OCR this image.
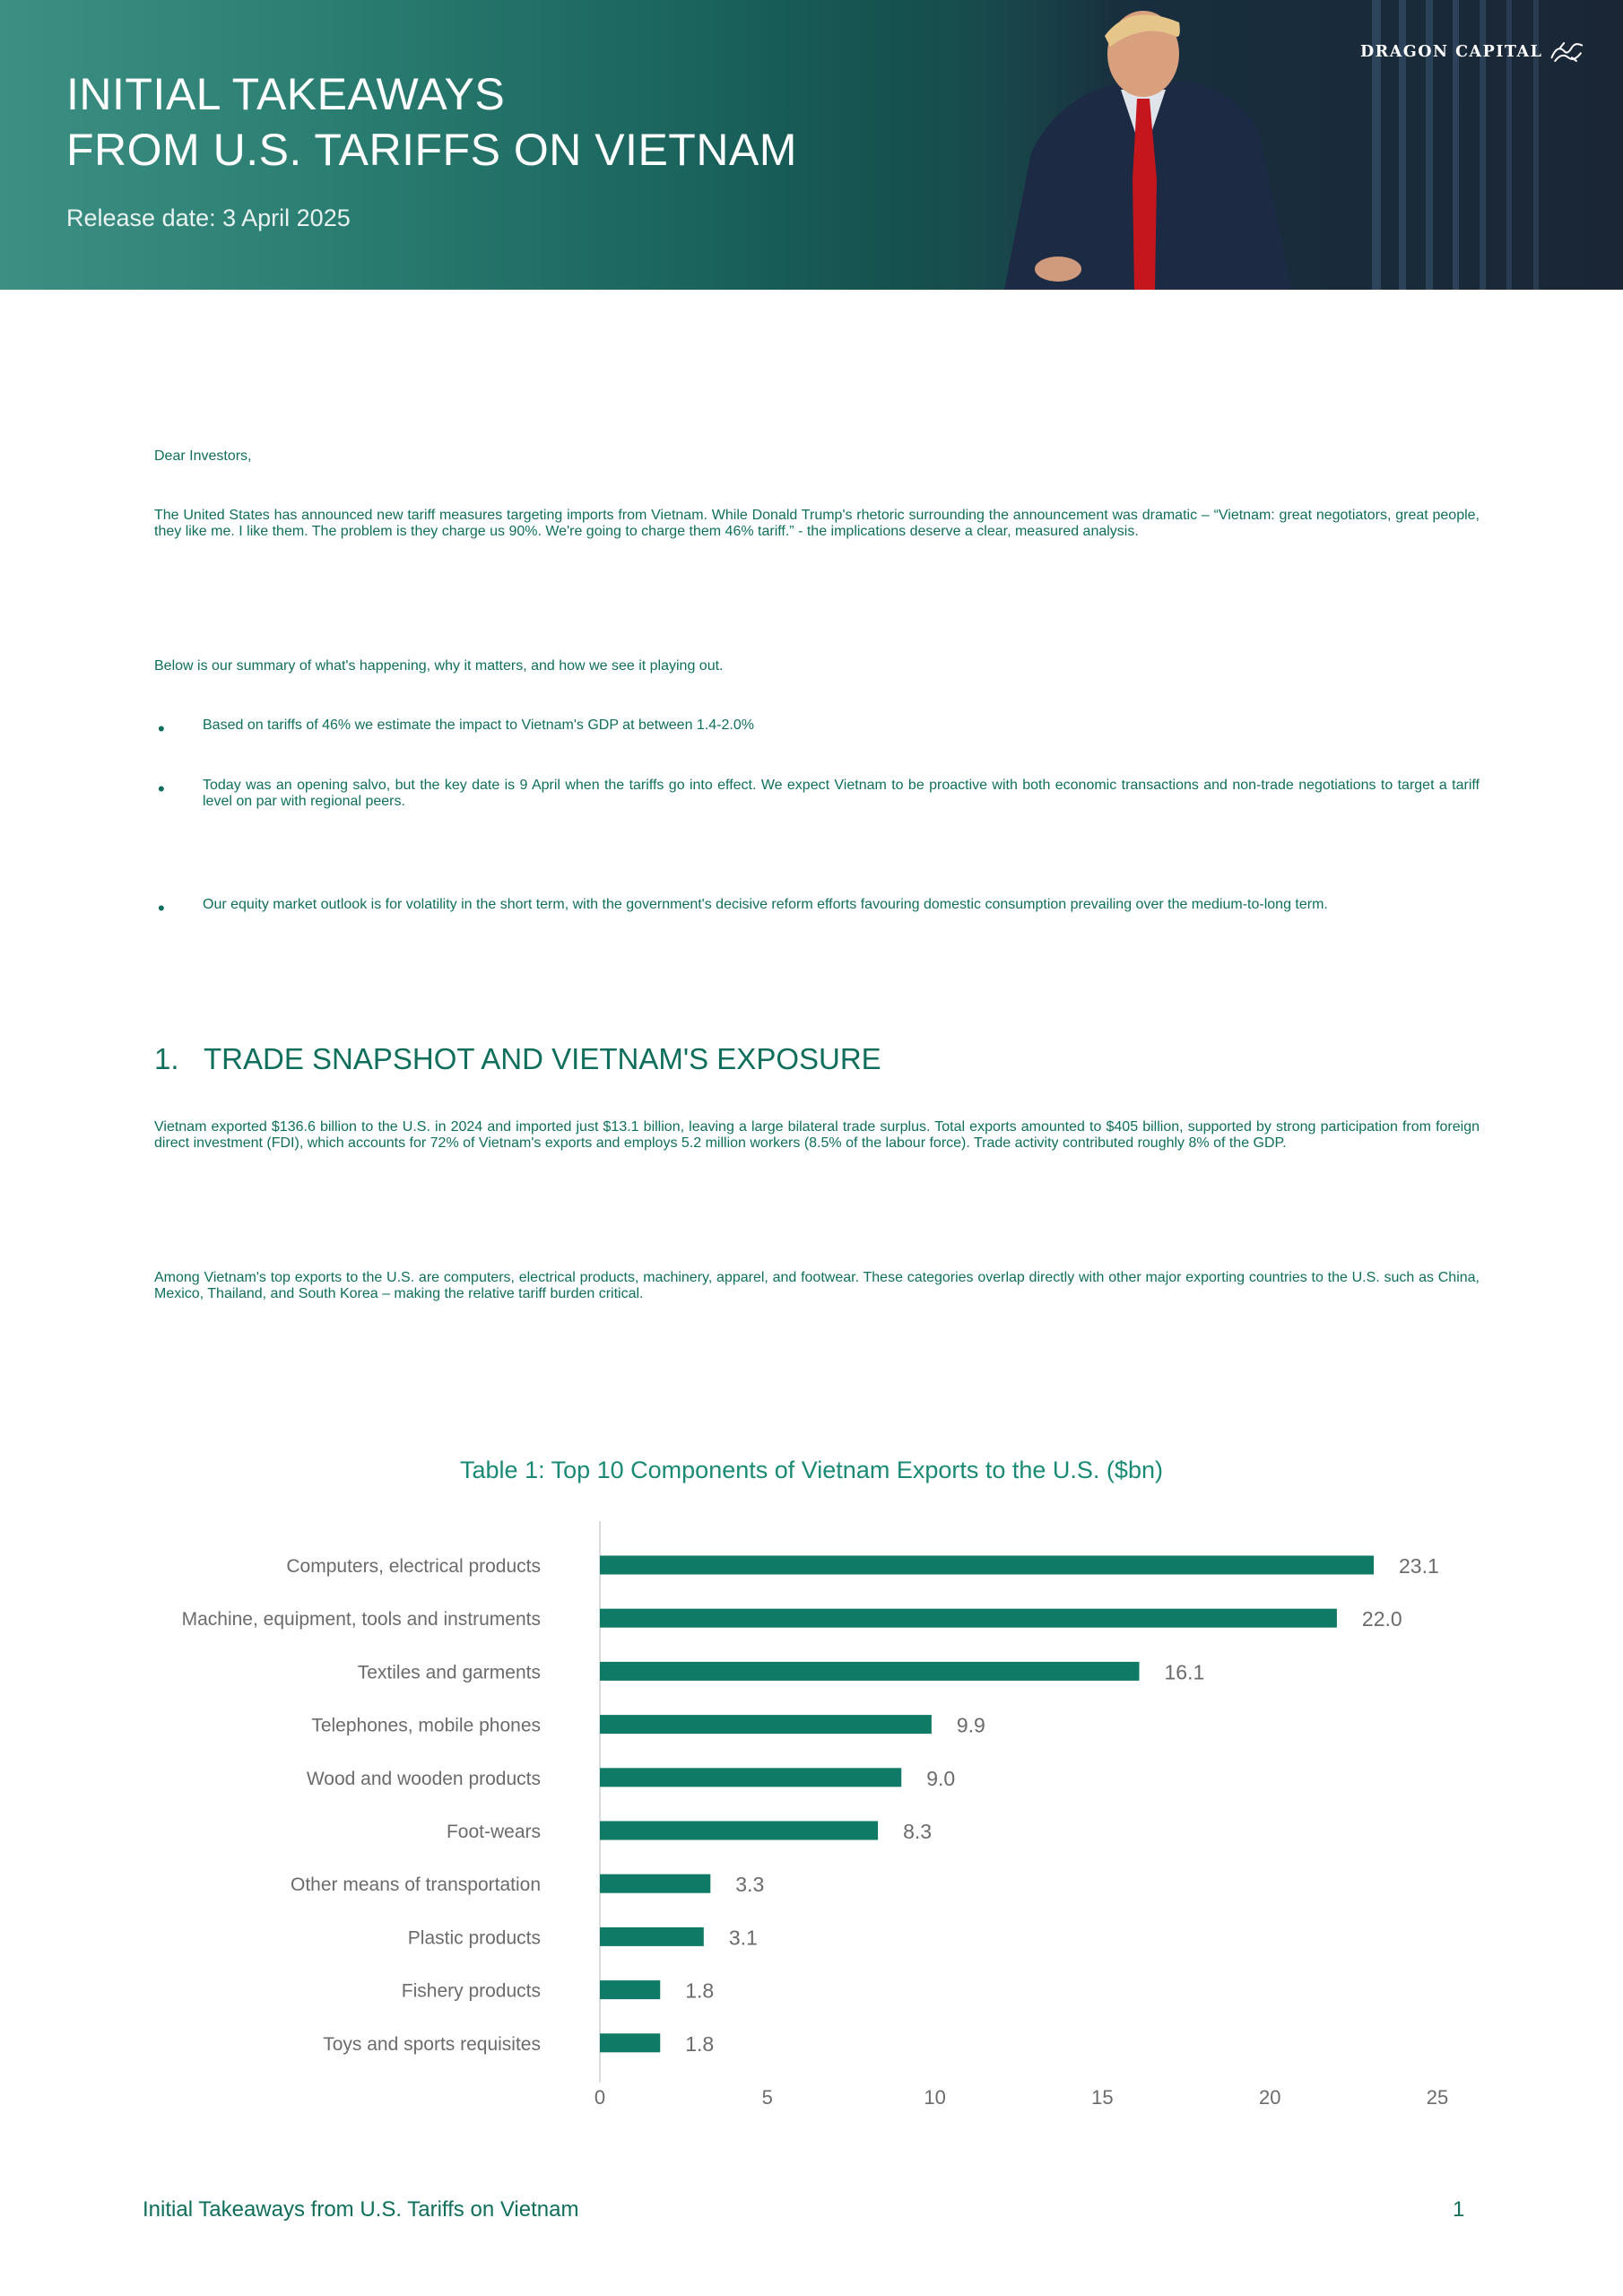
INITIAL TAKEAWAYS
FROM U.S. TARIFFS ON VIETNAM
Release date: 3 April 2025
DRAGON CAPITAL

Dear Investors,

The United States has announced new tariff measures targeting imports from Vietnam. While Donald Trump's rhetoric surrounding the announcement was dramatic – “Vietnam: great negotiators, great people, they like me. I like them. The problem is they charge us 90%. We're going to charge them 46% tariff.” - the implications deserve a clear, measured analysis.

Below is our summary of what's happening, why it matters, and how we see it playing out.

•	Based on tariffs of 46% we estimate the impact to Vietnam's GDP at between 1.4-2.0%
•	Today was an opening salvo, but the key date is 9 April when the tariffs go into effect. We expect Vietnam to be proactive with both economic transactions and non-trade negotiations to target a tariff level on par with regional peers.
•	Our equity market outlook is for volatility in the short term, with the government's decisive reform efforts favouring domestic consumption prevailing over the medium-to-long term.
1. TRADE SNAPSHOT AND VIETNAM'S EXPOSURE

Vietnam exported $136.6 billion to the U.S. in 2024 and imported just $13.1 billion, leaving a large bilateral trade surplus. Total exports amounted to $405 billion, supported by strong participation from foreign direct investment (FDI), which accounts for 72% of Vietnam's exports and employs 5.2 million workers (8.5% of the labour force). Trade activity contributed roughly 8% of the GDP.

Among Vietnam's top exports to the U.S. are computers, electrical products, machinery, apparel, and footwear. These categories overlap directly with other major exporting countries to the U.S. such as China, Mexico, Thailand, and South Korea – making the relative tariff burden critical.

Table 1: Top 10 Components of Vietnam Exports to the U.S. ($bn)
Computers, electrical products	23.1
Machine, equipment, tools and instruments	22.0
Textiles and garments	16.1
Telephones, mobile phones	9.9
Wood and wooden products	9.0
Foot-wears	8.3
Other means of transportation	3.3
Plastic products	3.1
Fishery products	1.8
Toys and sports requisites	1.8
0	5	10	15	20	25
Initial Takeaways from U.S. Tariffs on Vietnam	1
